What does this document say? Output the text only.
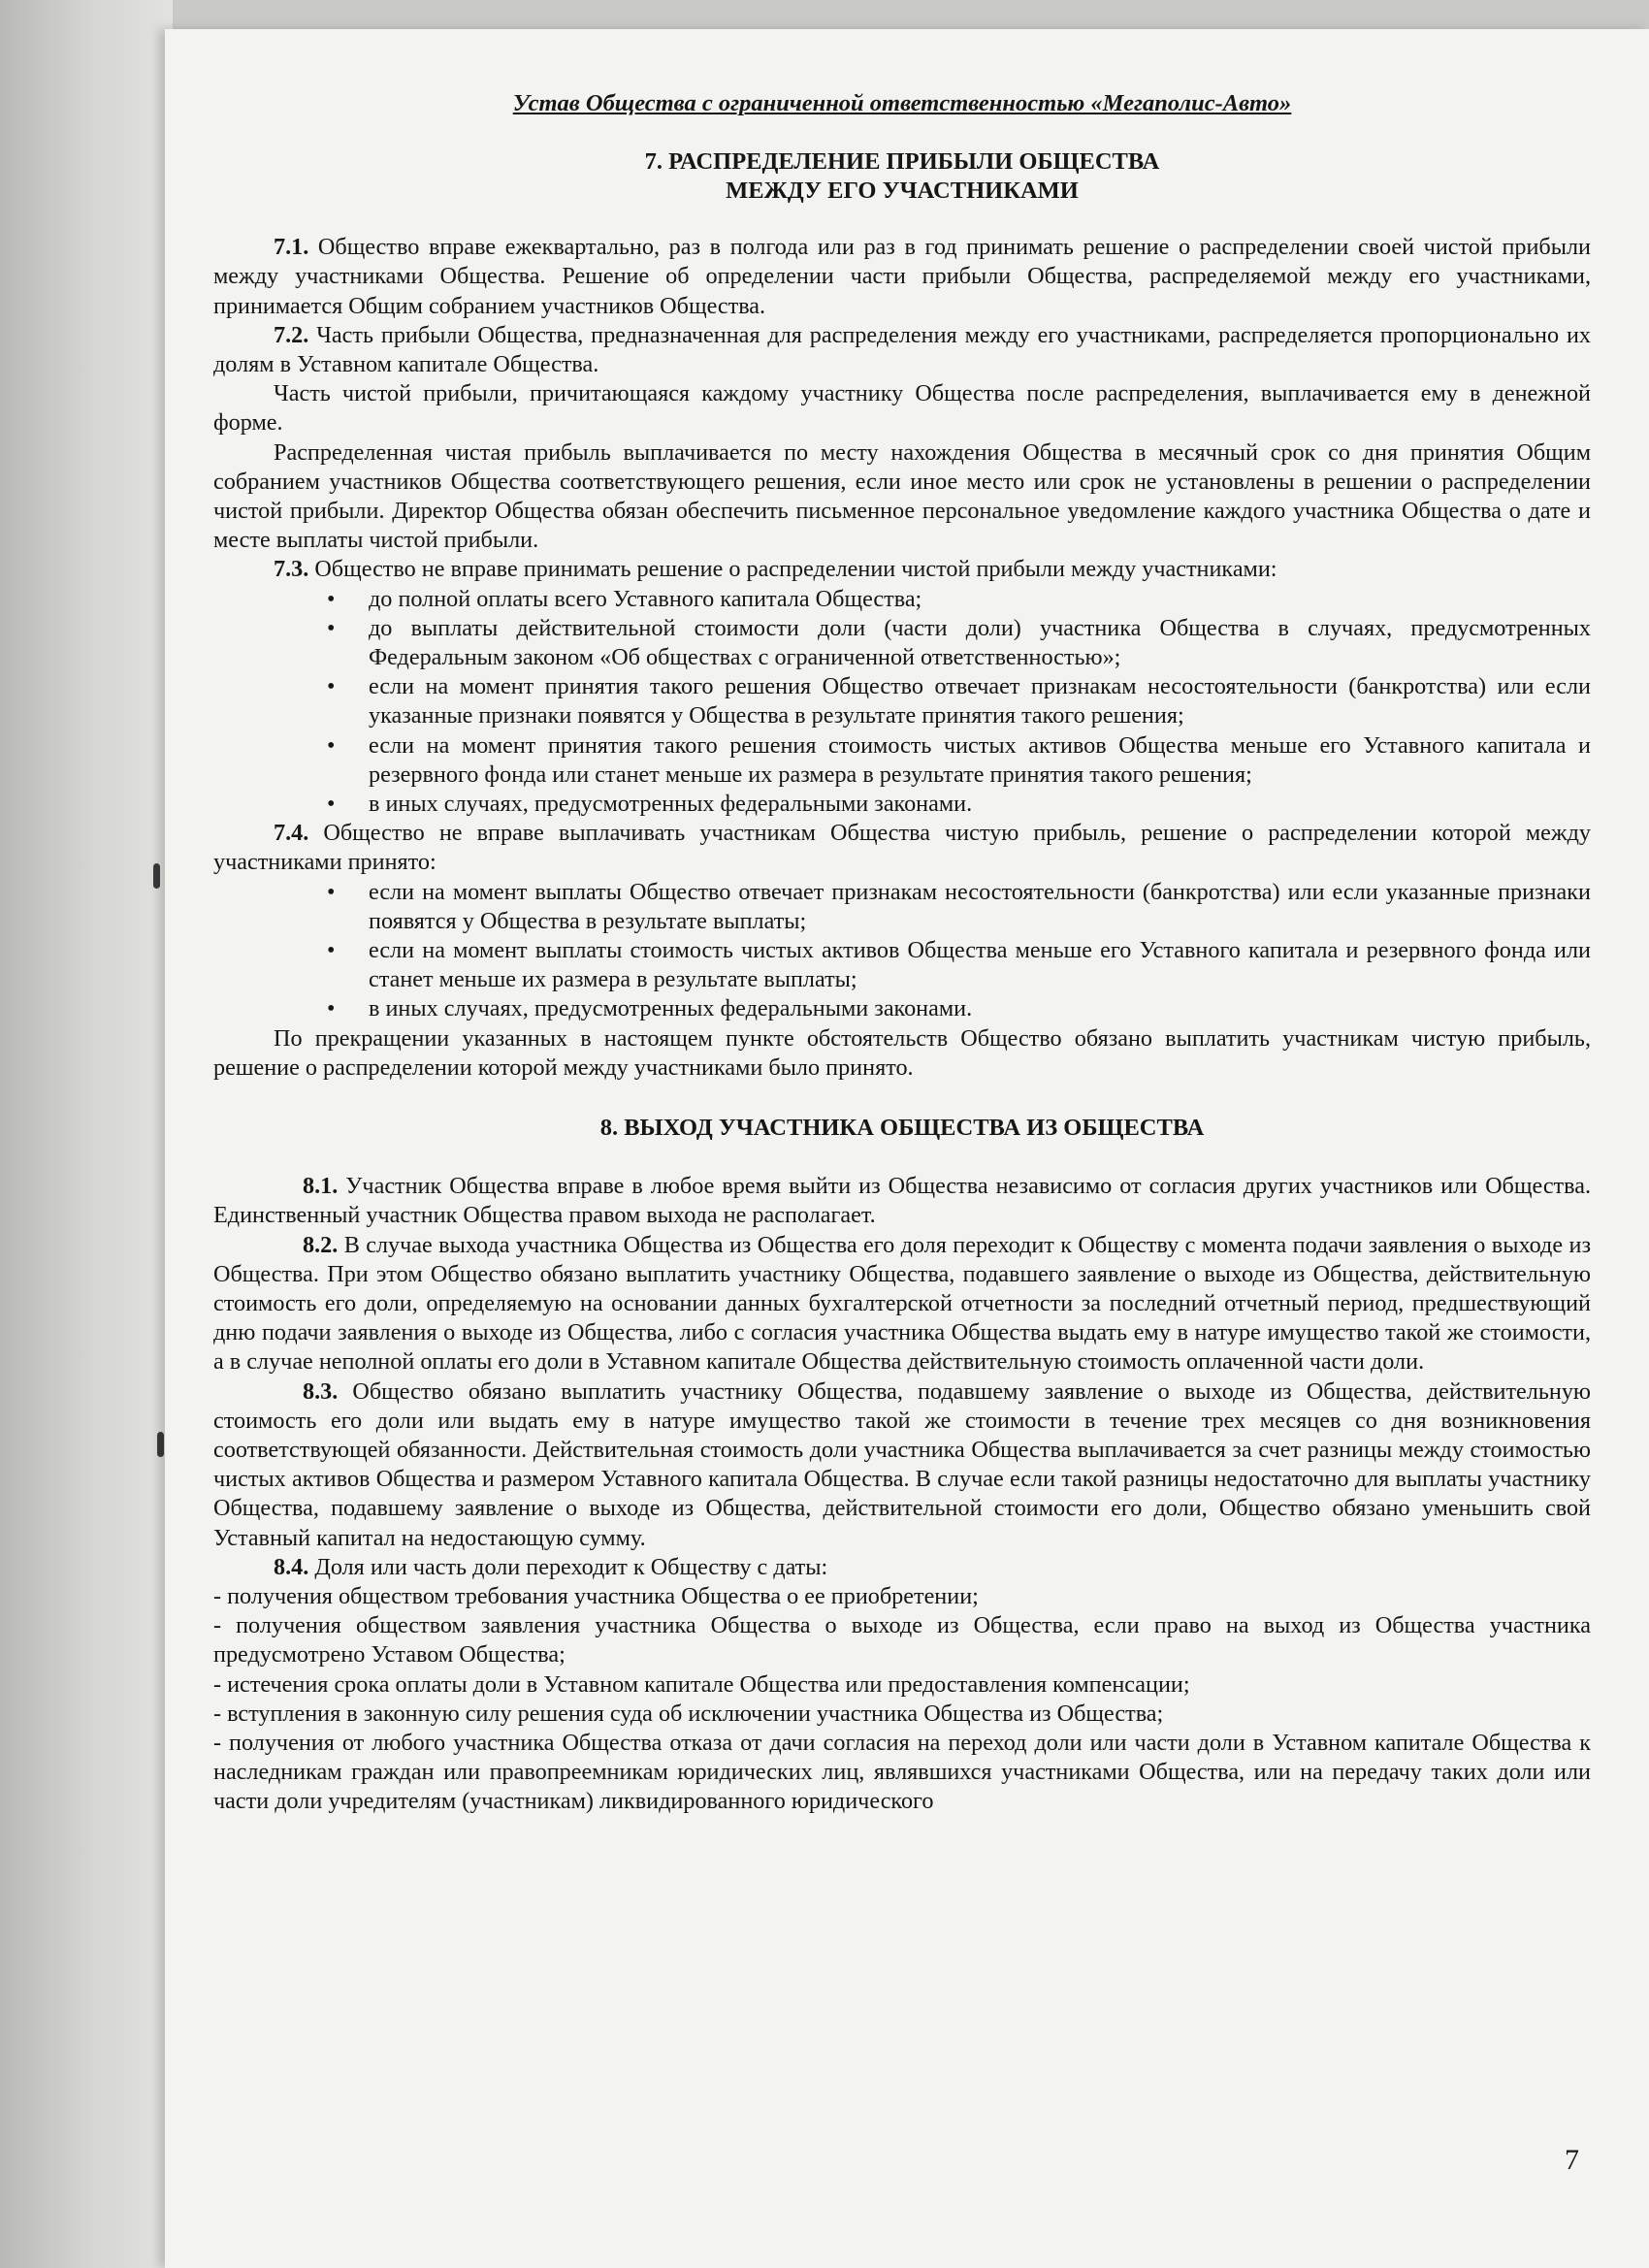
Устав Общества с ограниченной ответственностью «Мегаполис-Авто»

7. РАСПРЕДЕЛЕНИЕ ПРИБЫЛИ ОБЩЕСТВА
МЕЖДУ ЕГО УЧАСТНИКАМИ

7.1. Общество вправе ежеквартально, раз в полгода или раз в год принимать решение о распределении своей чистой прибыли между участниками Общества. Решение об определении части прибыли Общества, распределяемой между его участниками, принимается Общим собранием участников Общества.

7.2. Часть прибыли Общества, предназначенная для распределения между его участниками, распределяется пропорционально их долям в Уставном капитале Общества.

Часть чистой прибыли, причитающаяся каждому участнику Общества после распределения, выплачивается ему в денежной форме.

Распределенная чистая прибыль выплачивается по месту нахождения Общества в месячный срок со дня принятия Общим собранием участников Общества соответствующего решения, если иное место или срок не установлены в решении о распределении чистой прибыли. Директор Общества обязан обеспечить письменное персональное уведомление каждого участника Общества о дате и месте выплаты чистой прибыли.

7.3. Общество не вправе принимать решение о распределении чистой прибыли между участниками:

• до полной оплаты всего Уставного капитала Общества;
• до выплаты действительной стоимости доли (части доли) участника Общества в случаях, предусмотренных Федеральным законом «Об обществах с ограниченной ответственностью»;
• если на момент принятия такого решения Общество отвечает признакам несостоятельности (банкротства) или если указанные признаки появятся у Общества в результате принятия такого решения;
• если на момент принятия такого решения стоимость чистых активов Общества меньше его Уставного капитала и резервного фонда или станет меньше их размера в результате принятия такого решения;
• в иных случаях, предусмотренных федеральными законами.

7.4. Общество не вправе выплачивать участникам Общества чистую прибыль, решение о распределении которой между участниками принято:

• если на момент выплаты Общество отвечает признакам несостоятельности (банкротства) или если указанные признаки появятся у Общества в результате выплаты;
• если на момент выплаты стоимость чистых активов Общества меньше его Уставного капитала и резервного фонда или станет меньше их размера в результате выплаты;
• в иных случаях, предусмотренных федеральными законами.

По прекращении указанных в настоящем пункте обстоятельств Общество обязано выплатить участникам чистую прибыль, решение о распределении которой между участниками было принято.

8. ВЫХОД УЧАСТНИКА ОБЩЕСТВА ИЗ ОБЩЕСТВА

8.1. Участник Общества вправе в любое время выйти из Общества независимо от согласия других участников или Общества. Единственный участник Общества правом выхода не располагает.

8.2. В случае выхода участника Общества из Общества его доля переходит к Обществу с момента подачи заявления о выходе из Общества. При этом Общество обязано выплатить участнику Общества, подавшего заявление о выходе из Общества, действительную стоимость его доли, определяемую на основании данных бухгалтерской отчетности за последний отчетный период, предшествующий дню подачи заявления о выходе из Общества, либо с согласия участника Общества выдать ему в натуре имущество такой же стоимости, а в случае неполной оплаты его доли в Уставном капитале Общества действительную стоимость оплаченной части доли.

8.3. Общество обязано выплатить участнику Общества, подавшему заявление о выходе из Общества, действительную стоимость его доли или выдать ему в натуре имущество такой же стоимости в течение трех месяцев со дня возникновения соответствующей обязанности. Действительная стоимость доли участника Общества выплачивается за счет разницы между стоимостью чистых активов Общества и размером Уставного капитала Общества. В случае если такой разницы недостаточно для выплаты участнику Общества, подавшему заявление о выходе из Общества, действительной стоимости его доли, Общество обязано уменьшить свой Уставный капитал на недостающую сумму.

8.4. Доля или часть доли переходит к Обществу с даты:

- получения обществом требования участника Общества о ее приобретении;

- получения обществом заявления участника Общества о выходе из Общества, если право на выход из Общества участника предусмотрено Уставом Общества;

- истечения срока оплаты доли в Уставном капитале Общества или предоставления компенсации;

- вступления в законную силу решения суда об исключении участника Общества из Общества;

- получения от любого участника Общества отказа от дачи согласия на переход доли или части доли в Уставном капитале Общества к наследникам граждан или правопреемникам юридических лиц, являвшихся участниками Общества, или на передачу таких доли или части доли учредителям (участникам) ликвидированного юридического

7
